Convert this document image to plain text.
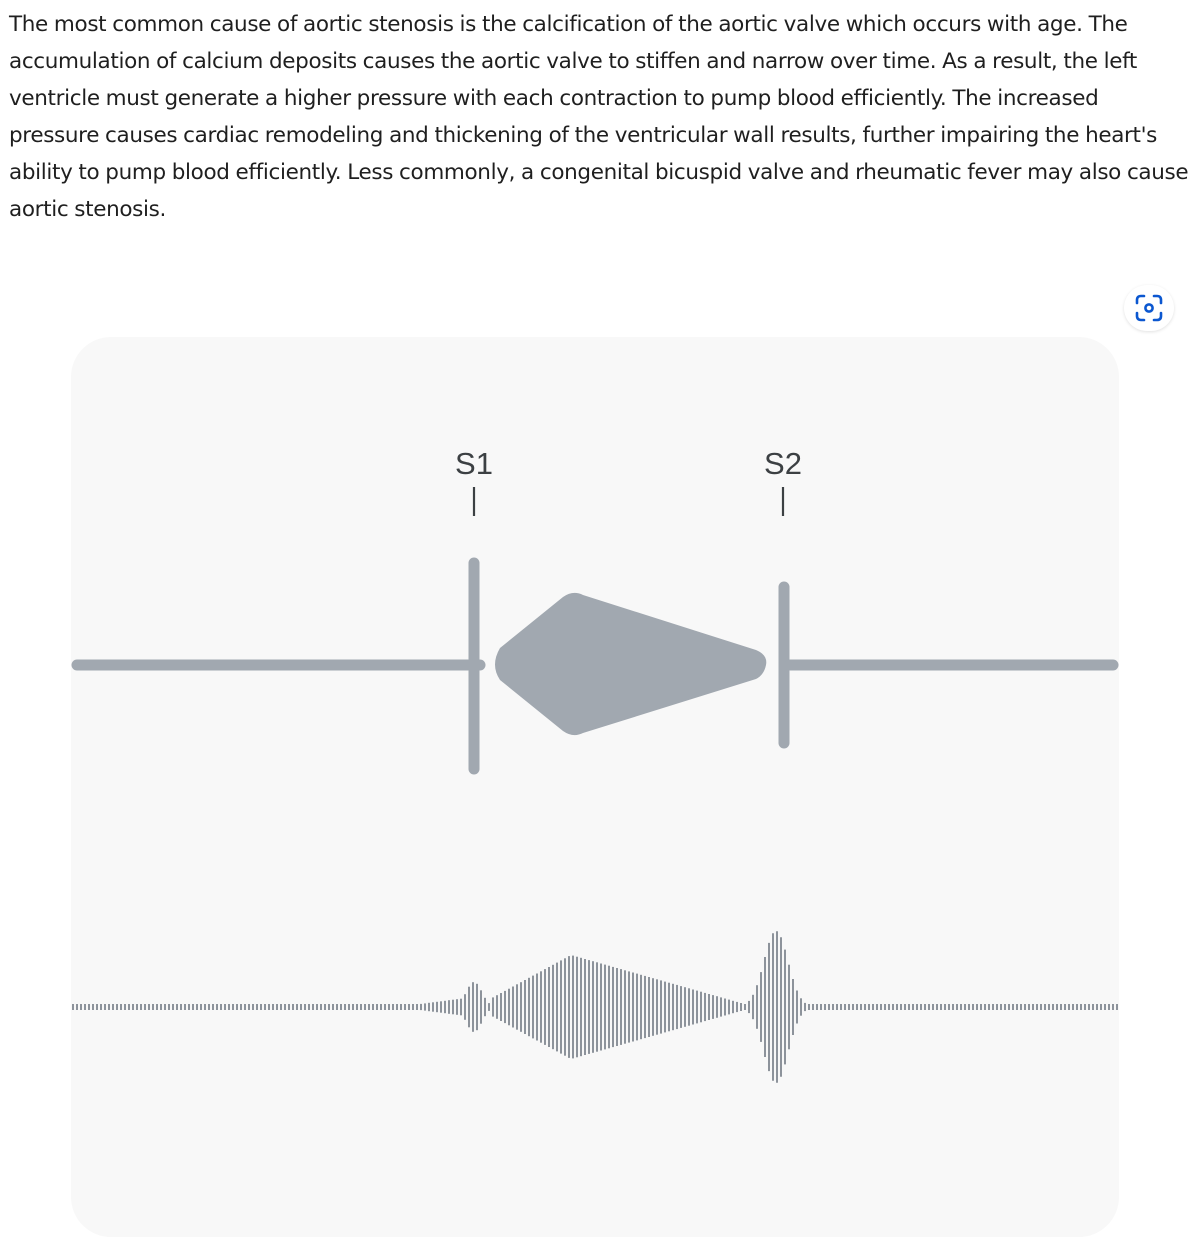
The most common cause of aortic stenosis is the calcification of the aortic valve which occurs with age. The accumulation of calcium deposits causes the aortic valve to stiffen and narrow over time. As a result, the left ventricle must generate a higher pressure with each contraction to pump blood efficiently. The increased pressure causes cardiac remodeling and thickening of the ventricular wall results, further impairing the heart's ability to pump blood efficiently. Less commonly, a congenital bicuspid valve and rheumatic fever may also cause aortic stenosis.

S1	S2
